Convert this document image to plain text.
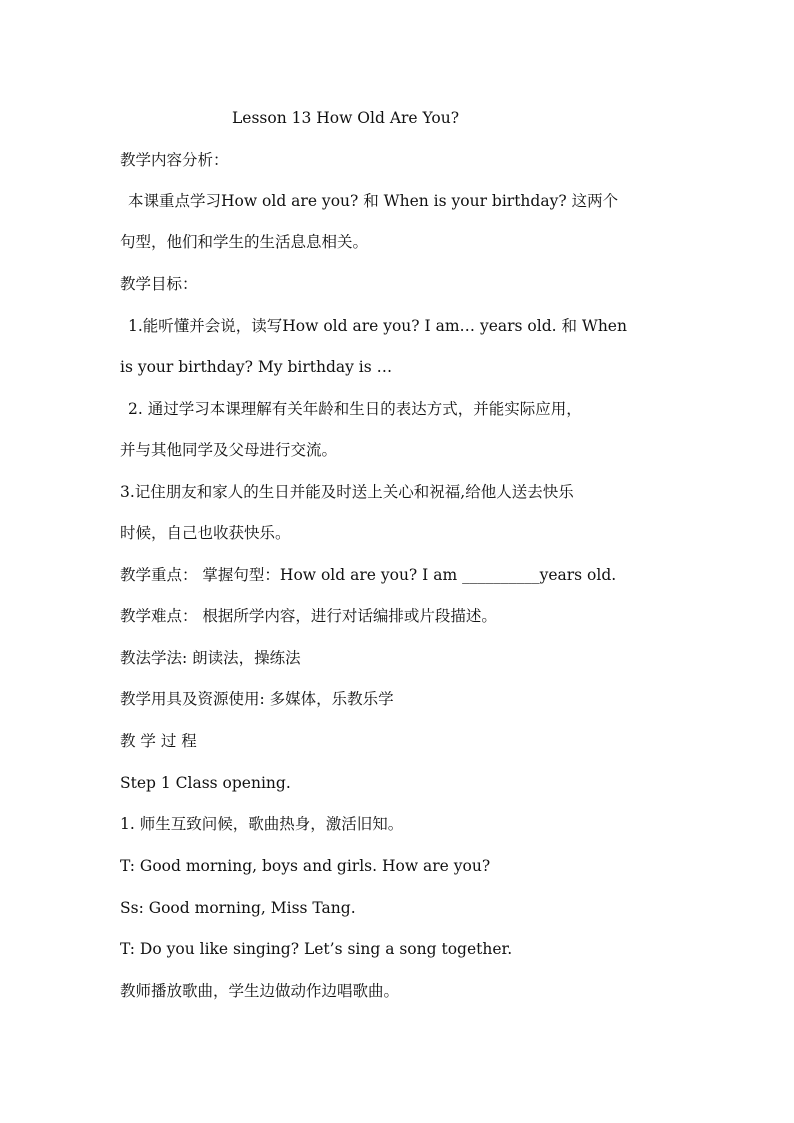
Lesson 13 How Old Are You?
教学内容分析：
本课重点学习How old are you? 和 When is your birthday? 这两个
句型，他们和学生的生活息息相关。
教学目标：
1.能听懂并会说，读写How old are you? I am… years old. 和 When
is your birthday? My birthday is …
2. 通过学习本课理解有关年龄和生日的表达方式，并能实际应用，
并与其他同学及父母进行交流。
3.记住朋友和家人的生日并能及时送上关心和祝福,给他人送去快乐
时候，自己也收获快乐。
教学重点： 掌握句型：How old are you? I am __________years old.
教学难点： 根据所学内容，进行对话编排或片段描述。
教法学法: 朗读法，操练法
教学用具及资源使用: 多媒体，乐教乐学
教 学 过 程
Step 1 Class opening.
1. 师生互致问候，歌曲热身，激活旧知。
T: Good morning, boys and girls. How are you?
Ss: Good morning, Miss Tang.
T: Do you like singing? Let’s sing a song together.
教师播放歌曲，学生边做动作边唱歌曲。
